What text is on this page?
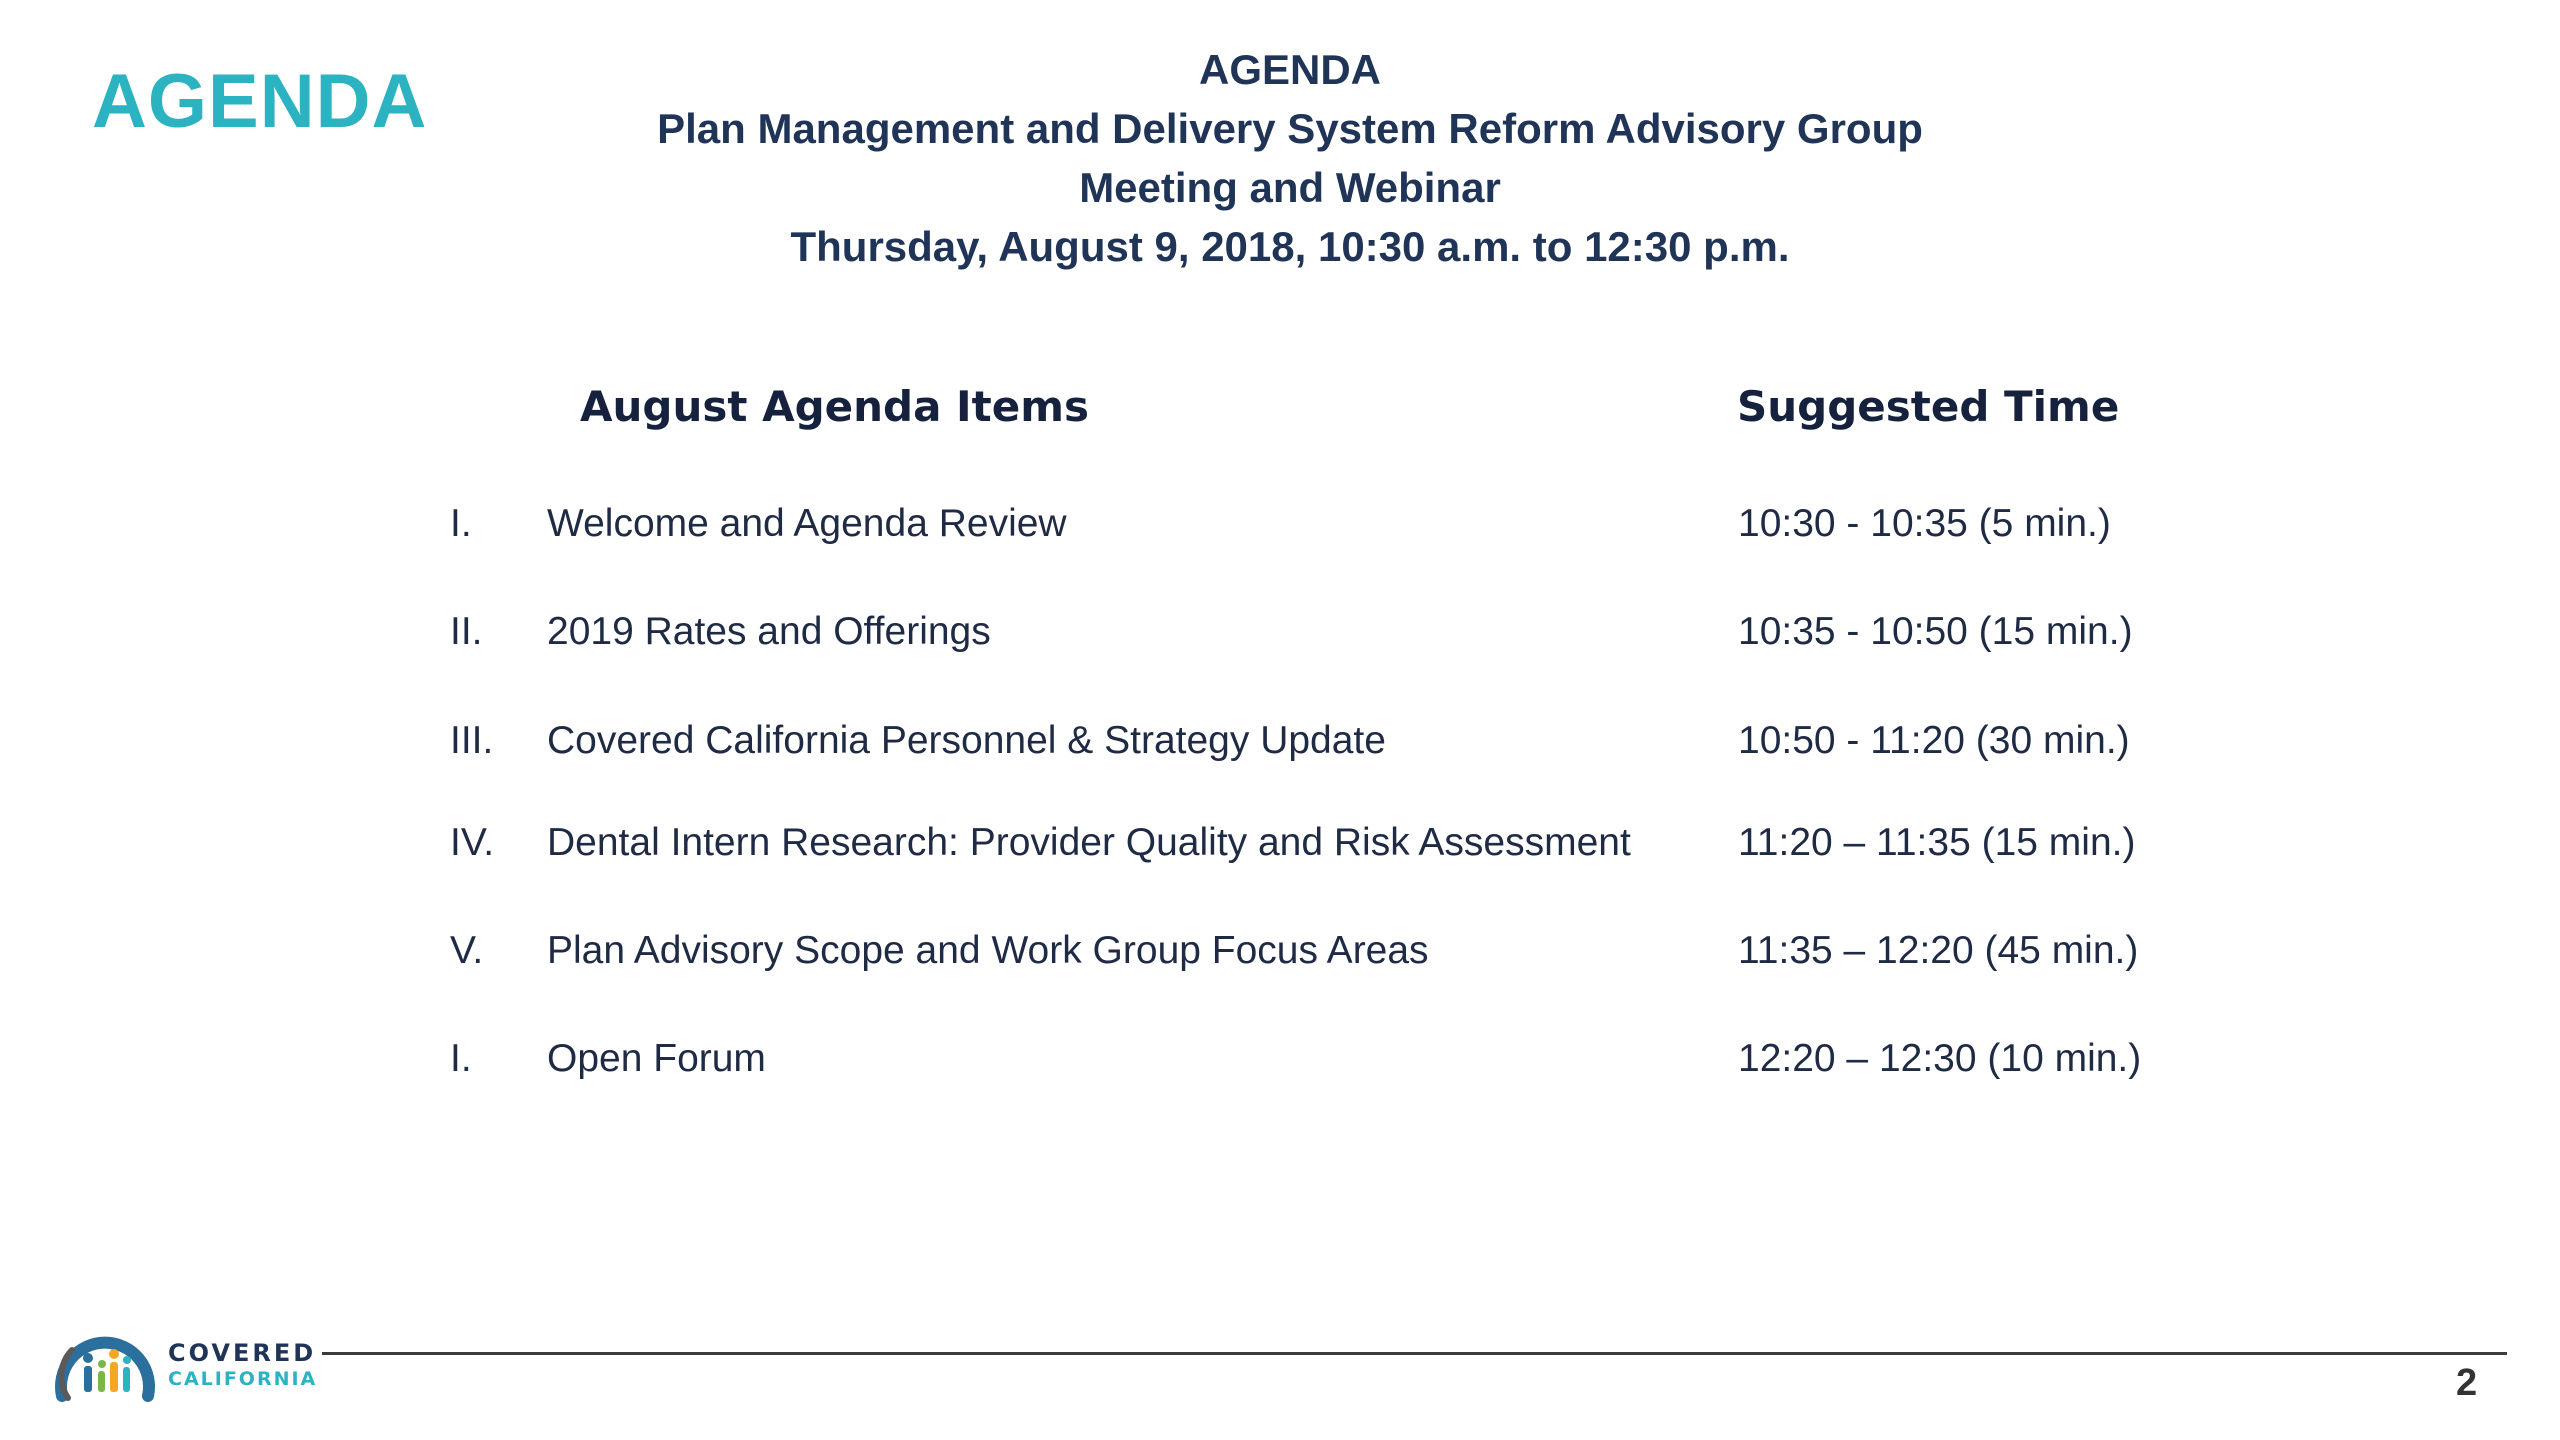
AGENDA	AGENDA
Plan Management and Delivery System Reform Advisory Group
Meeting and Webinar
Thursday, August 9, 2018, 10:30 a.m. to 12:30 p.m.
August Agenda Items	Suggested Time
I. Welcome and Agenda Review	10:30 - 10:35 (5 min.)
II. 2019 Rates and Offerings	10:35 - 10:50 (15 min.)
III. Covered California Personnel & Strategy Update	10:50 - 11:20 (30 min.)
IV. Dental Intern Research: Provider Quality and Risk Assessment	11:20 – 11:35 (15 min.)
V. Plan Advisory Scope and Work Group Focus Areas	11:35 – 12:20 (45 min.)
I. Open Forum	12:20 – 12:30 (10 min.)
COVERED
CALIFORNIA	2
